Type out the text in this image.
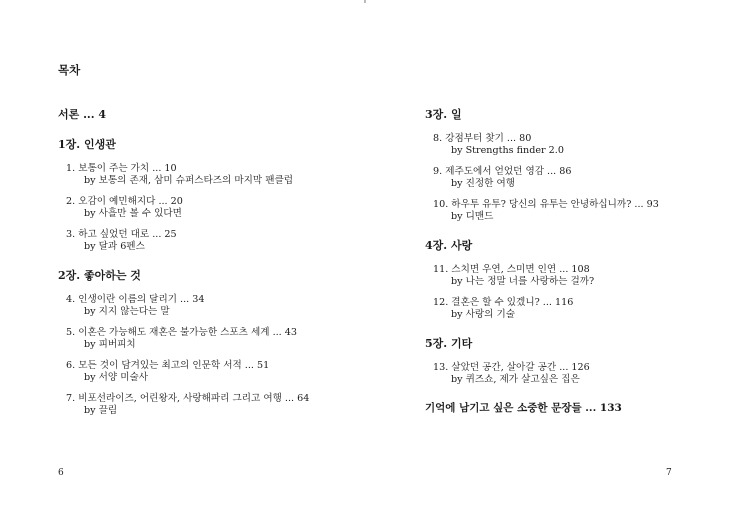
목차
서론 ... 4
1장. 인생관
1. 보통이 주는 가치 ... 10
by 보통의 존재, 삼미 슈퍼스타즈의 마지막 팬클럽
2. 오감이 예민해지다 ... 20
by 사흘만 볼 수 있다면
3. 하고 싶었던 대로 ... 25
by 달과 6펜스
2장. 좋아하는 것
4. 인생이란 이름의 달리기 ... 34
by 지지 않는다는 말
5. 이혼은 가능해도 재혼은 불가능한 스포츠 세계 ... 43
by 피버피치
6. 모든 것이 담겨있는 최고의 인문학 서적 ... 51
by 서양 미술사
7. 비포선라이즈, 어린왕자, 사랑해파리 그리고 여행 ... 64
by 끌림
3장. 일
8. 강점부터 찾기 ... 80
by Strengths finder 2.0
9. 제주도에서 얻었던 영감 ... 86
by 진정한 여행
10. 하우투 유투? 당신의 유투는 안녕하십니까? ... 93
by 디맨드
4장. 사랑
11. 스치면 우연, 스미면 인연 ... 108
by 나는 정말 너를 사랑하는 걸까?
12. 결혼은 할 수 있겠니? ... 116
by 사랑의 기술
5장. 기타
13. 살았던 공간, 살아갈 공간 ... 126
by 퀴즈쇼, 제가 살고싶은 집은
기억에 남기고 싶은 소중한 문장들 ... 133
6	7
